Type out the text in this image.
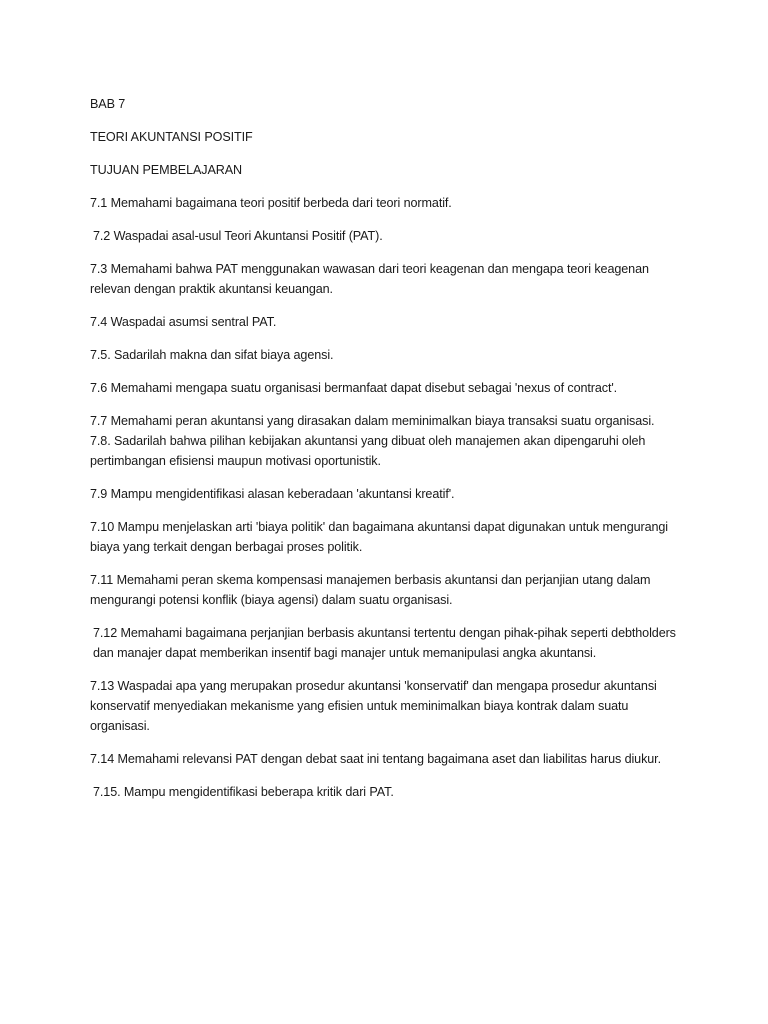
BAB 7

TEORI AKUNTANSI POSITIF

TUJUAN PEMBELAJARAN

7.1 Memahami bagaimana teori positif berbeda dari teori normatif.

7.2 Waspadai asal-usul Teori Akuntansi Positif (PAT).

7.3 Memahami bahwa PAT menggunakan wawasan dari teori keagenan dan mengapa teori keagenan relevan dengan praktik akuntansi keuangan.

7.4 Waspadai asumsi sentral PAT.

7.5. Sadarilah makna dan sifat biaya agensi.

7.6 Memahami mengapa suatu organisasi bermanfaat dapat disebut sebagai 'nexus of contract'.

7.7 Memahami peran akuntansi yang dirasakan dalam meminimalkan biaya transaksi suatu organisasi.

7.8. Sadarilah bahwa pilihan kebijakan akuntansi yang dibuat oleh manajemen akan dipengaruhi oleh pertimbangan efisiensi maupun motivasi oportunistik.

7.9 Mampu mengidentifikasi alasan keberadaan 'akuntansi kreatif'.

7.10 Mampu menjelaskan arti 'biaya politik' dan bagaimana akuntansi dapat digunakan untuk mengurangi biaya yang terkait dengan berbagai proses politik.

7.11 Memahami peran skema kompensasi manajemen berbasis akuntansi dan perjanjian utang dalam mengurangi potensi konflik (biaya agensi) dalam suatu organisasi.

7.12 Memahami bagaimana perjanjian berbasis akuntansi tertentu dengan pihak-pihak seperti debtholders dan manajer dapat memberikan insentif bagi manajer untuk memanipulasi angka akuntansi.

7.13 Waspadai apa yang merupakan prosedur akuntansi 'konservatif' dan mengapa prosedur akuntansi konservatif menyediakan mekanisme yang efisien untuk meminimalkan biaya kontrak dalam suatu organisasi.

7.14 Memahami relevansi PAT dengan debat saat ini tentang bagaimana aset dan liabilitas harus diukur.

7.15. Mampu mengidentifikasi beberapa kritik dari PAT.
